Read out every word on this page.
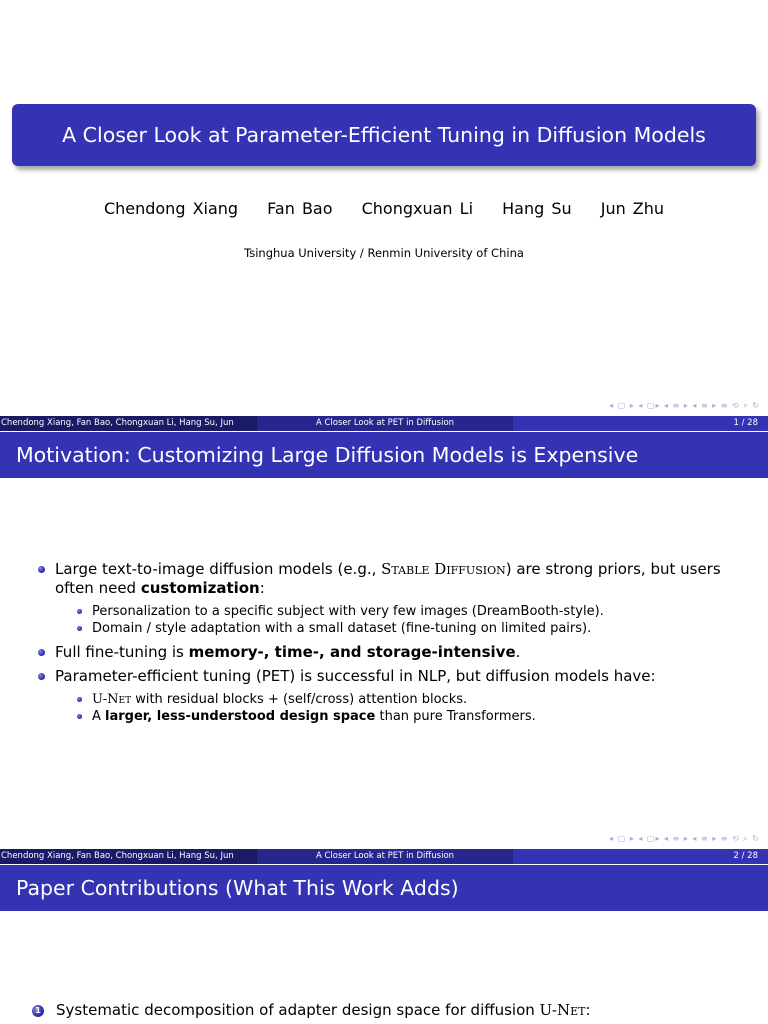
A Closer Look at Parameter-Efficient Tuning in Diffusion Models
Chendong Xiang Fan Bao Chongxuan Li Hang Su Jun Zhu
Tsinghua University / Renmin University of China
◂ ▢ ▸ ◂ ▢▸ ◂ ≡ ▸ ◂ ≡ ▸ ≡ ⟲ ⌕ ↻
Chendong Xiang, Fan Bao, Chongxuan Li, Hang Su, Jun	A Closer Look at PET in Diffusion	1 / 28
Motivation: Customizing Large Diffusion Models is Expensive
Large text-to-image diffusion models (e.g., Stable Diffusion) are strong priors, but users often need customization:
Personalization to a specific subject with very few images (DreamBooth-style).
Domain / style adaptation with a small dataset (fine-tuning on limited pairs).
Full fine-tuning is memory-, time-, and storage-intensive.
Parameter-efficient tuning (PET) is successful in NLP, but diffusion models have:
U-Net with residual blocks + (self/cross) attention blocks.
A larger, less-understood design space than pure Transformers.
◂ ▢ ▸ ◂ ▢▸ ◂ ≡ ▸ ◂ ≡ ▸ ≡ ⟲ ⌕ ↻
Chendong Xiang, Fan Bao, Chongxuan Li, Hang Su, Jun	A Closer Look at PET in Diffusion	2 / 28
Paper Contributions (What This Work Adds)
1 Systematic decomposition of adapter design space for diffusion U-Net:
